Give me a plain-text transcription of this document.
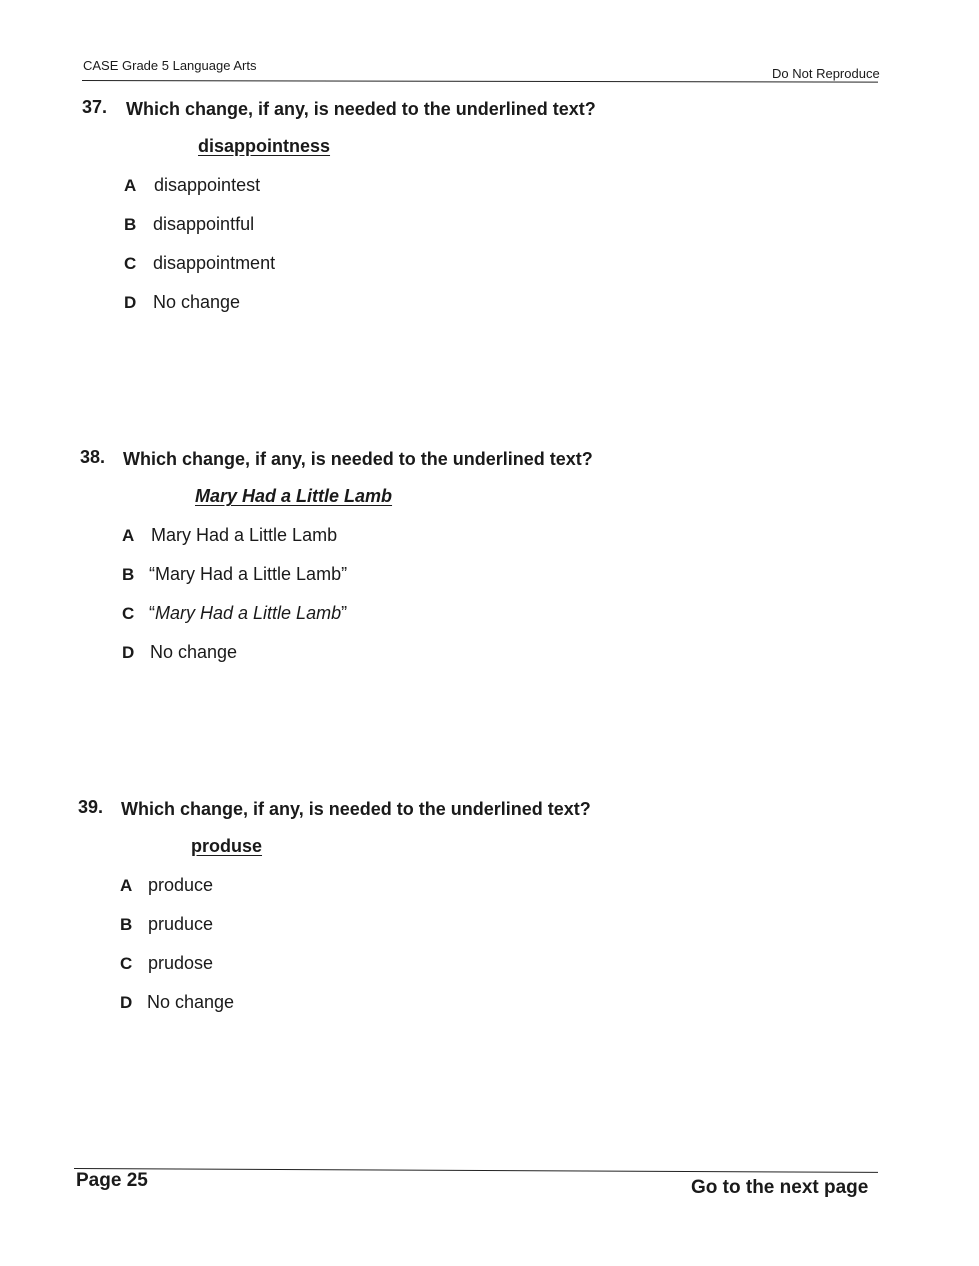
CASE Grade 5 Language Arts
Do Not Reproduce
37. Which change, if any, is needed to the underlined text?
disappointness
A disappointest
B disappointful
C disappointment
D No change
38. Which change, if any, is needed to the underlined text?
Mary Had a Little Lamb
A Mary Had a Little Lamb
B “Mary Had a Little Lamb”
C “Mary Had a Little Lamb”
D No change
39. Which change, if any, is needed to the underlined text?
produse
A produce
B pruduce
C prudose
D No change
Page 25	Go to the next page
